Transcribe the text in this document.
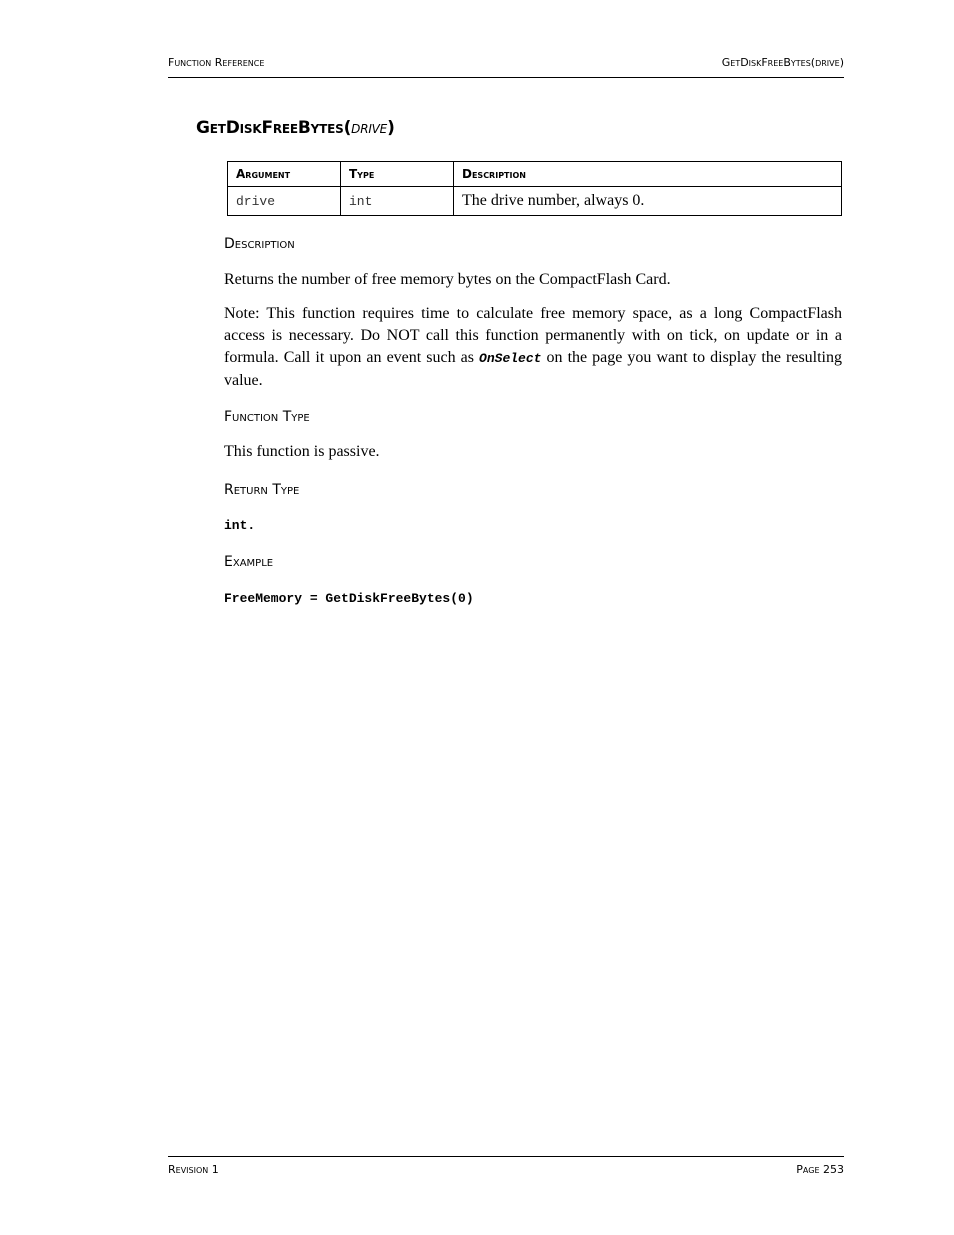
Function Reference	GetDiskFreeBytes(drive)
GetDiskFreeBytes(drive)
Argument	Type	Description
drive	int	The drive number, always 0.
Description

Returns the number of free memory bytes on the CompactFlash Card.

Note: This function requires time to calculate free memory space, as a long CompactFlash access is necessary. Do NOT call this function permanently with on tick, on update or in a formula. Call it upon an event such as OnSelect on the page you want to display the resulting value.

Function Type

This function is passive.

Return Type

int.

Example

FreeMemory = GetDiskFreeBytes(0)

Revision 1	Page 253
